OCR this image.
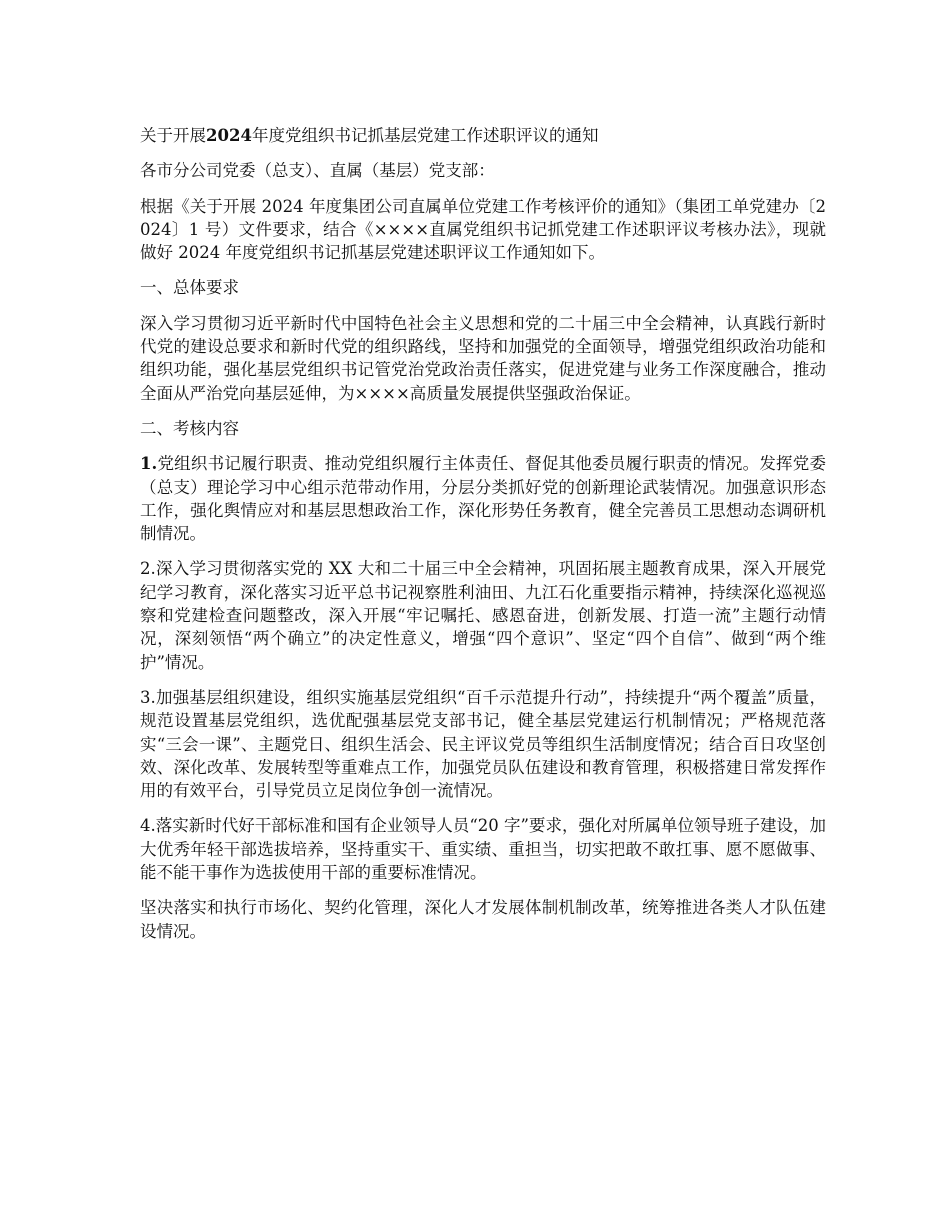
关于开展2024年度党组织书记抓基层党建工作述职评议的通知

各市分公司党委（总支）、直属（基层）党支部：

根据《关于开展 2024 年度集团公司直属单位党建工作考核评价的通知》（集团工单党建办〔2024〕1 号）文件要求，结合《××××直属党组织书记抓党建工作述职评议考核办法》，现就做好 2024 年度党组织书记抓基层党建述职评议工作通知如下。

一、总体要求

深入学习贯彻习近平新时代中国特色社会主义思想和党的二十届三中全会精神，认真践行新时代党的建设总要求和新时代党的组织路线，坚持和加强党的全面领导，增强党组织政治功能和组织功能，强化基层党组织书记管党治党政治责任落实，促进党建与业务工作深度融合，推动全面从严治党向基层延伸，为××××高质量发展提供坚强政治保证。

二、考核内容

1.党组织书记履行职责、推动党组织履行主体责任、督促其他委员履行职责的情况。发挥党委（总支）理论学习中心组示范带动作用，分层分类抓好党的创新理论武装情况。加强意识形态工作，强化舆情应对和基层思想政治工作，深化形势任务教育，健全完善员工思想动态调研机制情况。

2.深入学习贯彻落实党的 XX 大和二十届三中全会精神，巩固拓展主题教育成果，深入开展党纪学习教育，深化落实习近平总书记视察胜利油田、九江石化重要指示精神，持续深化巡视巡察和党建检查问题整改，深入开展“牢记嘱托、感恩奋进，创新发展、打造一流”主题行动情况，深刻领悟“两个确立”的决定性意义，增强“四个意识”、坚定“四个自信”、做到“两个维护”情况。

3.加强基层组织建设，组织实施基层党组织“百千示范提升行动”，持续提升“两个覆盖”质量，规范设置基层党组织，选优配强基层党支部书记，健全基层党建运行机制情况；严格规范落实“三会一课”、主题党日、组织生活会、民主评议党员等组织生活制度情况；结合百日攻坚创效、深化改革、发展转型等重难点工作，加强党员队伍建设和教育管理，积极搭建日常发挥作用的有效平台，引导党员立足岗位争创一流情况。

4.落实新时代好干部标准和国有企业领导人员“20 字”要求，强化对所属单位领导班子建设，加大优秀年轻干部选拔培养，坚持重实干、重实绩、重担当，切实把敢不敢扛事、愿不愿做事、能不能干事作为选拔使用干部的重要标准情况。

坚决落实和执行市场化、契约化管理，深化人才发展体制机制改革，统筹推进各类人才队伍建设情况。
